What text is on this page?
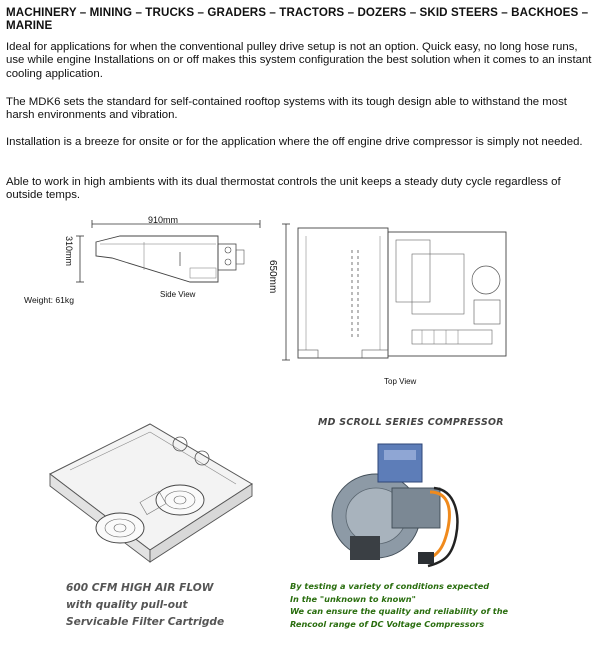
MACHINERY – MINING – TRUCKS – GRADERS – TRACTORS – DOZERS – SKID STEERS – BACKHOES – MARINE
Ideal for applications for when the conventional pulley drive setup is not an option. Quick easy, no long hose runs, use while engine Installations on or off makes this system configuration the best solution when it comes to an instant cooling application.
The MDK6 sets the standard for self-contained rooftop systems with its tough design able to withstand the most harsh environments and vibration.
Installation is a breeze for onsite or for the application where the off engine drive compressor is simply not needed.
Able to work in high ambients with its dual thermostat controls the unit keeps a steady duty cycle regardless of outside temps.
910mm
310mm
Side View
Weight: 61kg
650mm
Top View
MD SCROLL SERIES COMPRESSOR
600 CFM HIGH AIR FLOW
with quality pull-out
Servicable Filter Cartrigde
By testing a variety of conditions expected
In the "unknown to known"
We can ensure the quality and reliability of the
Rencool range of DC Voltage Compressors
